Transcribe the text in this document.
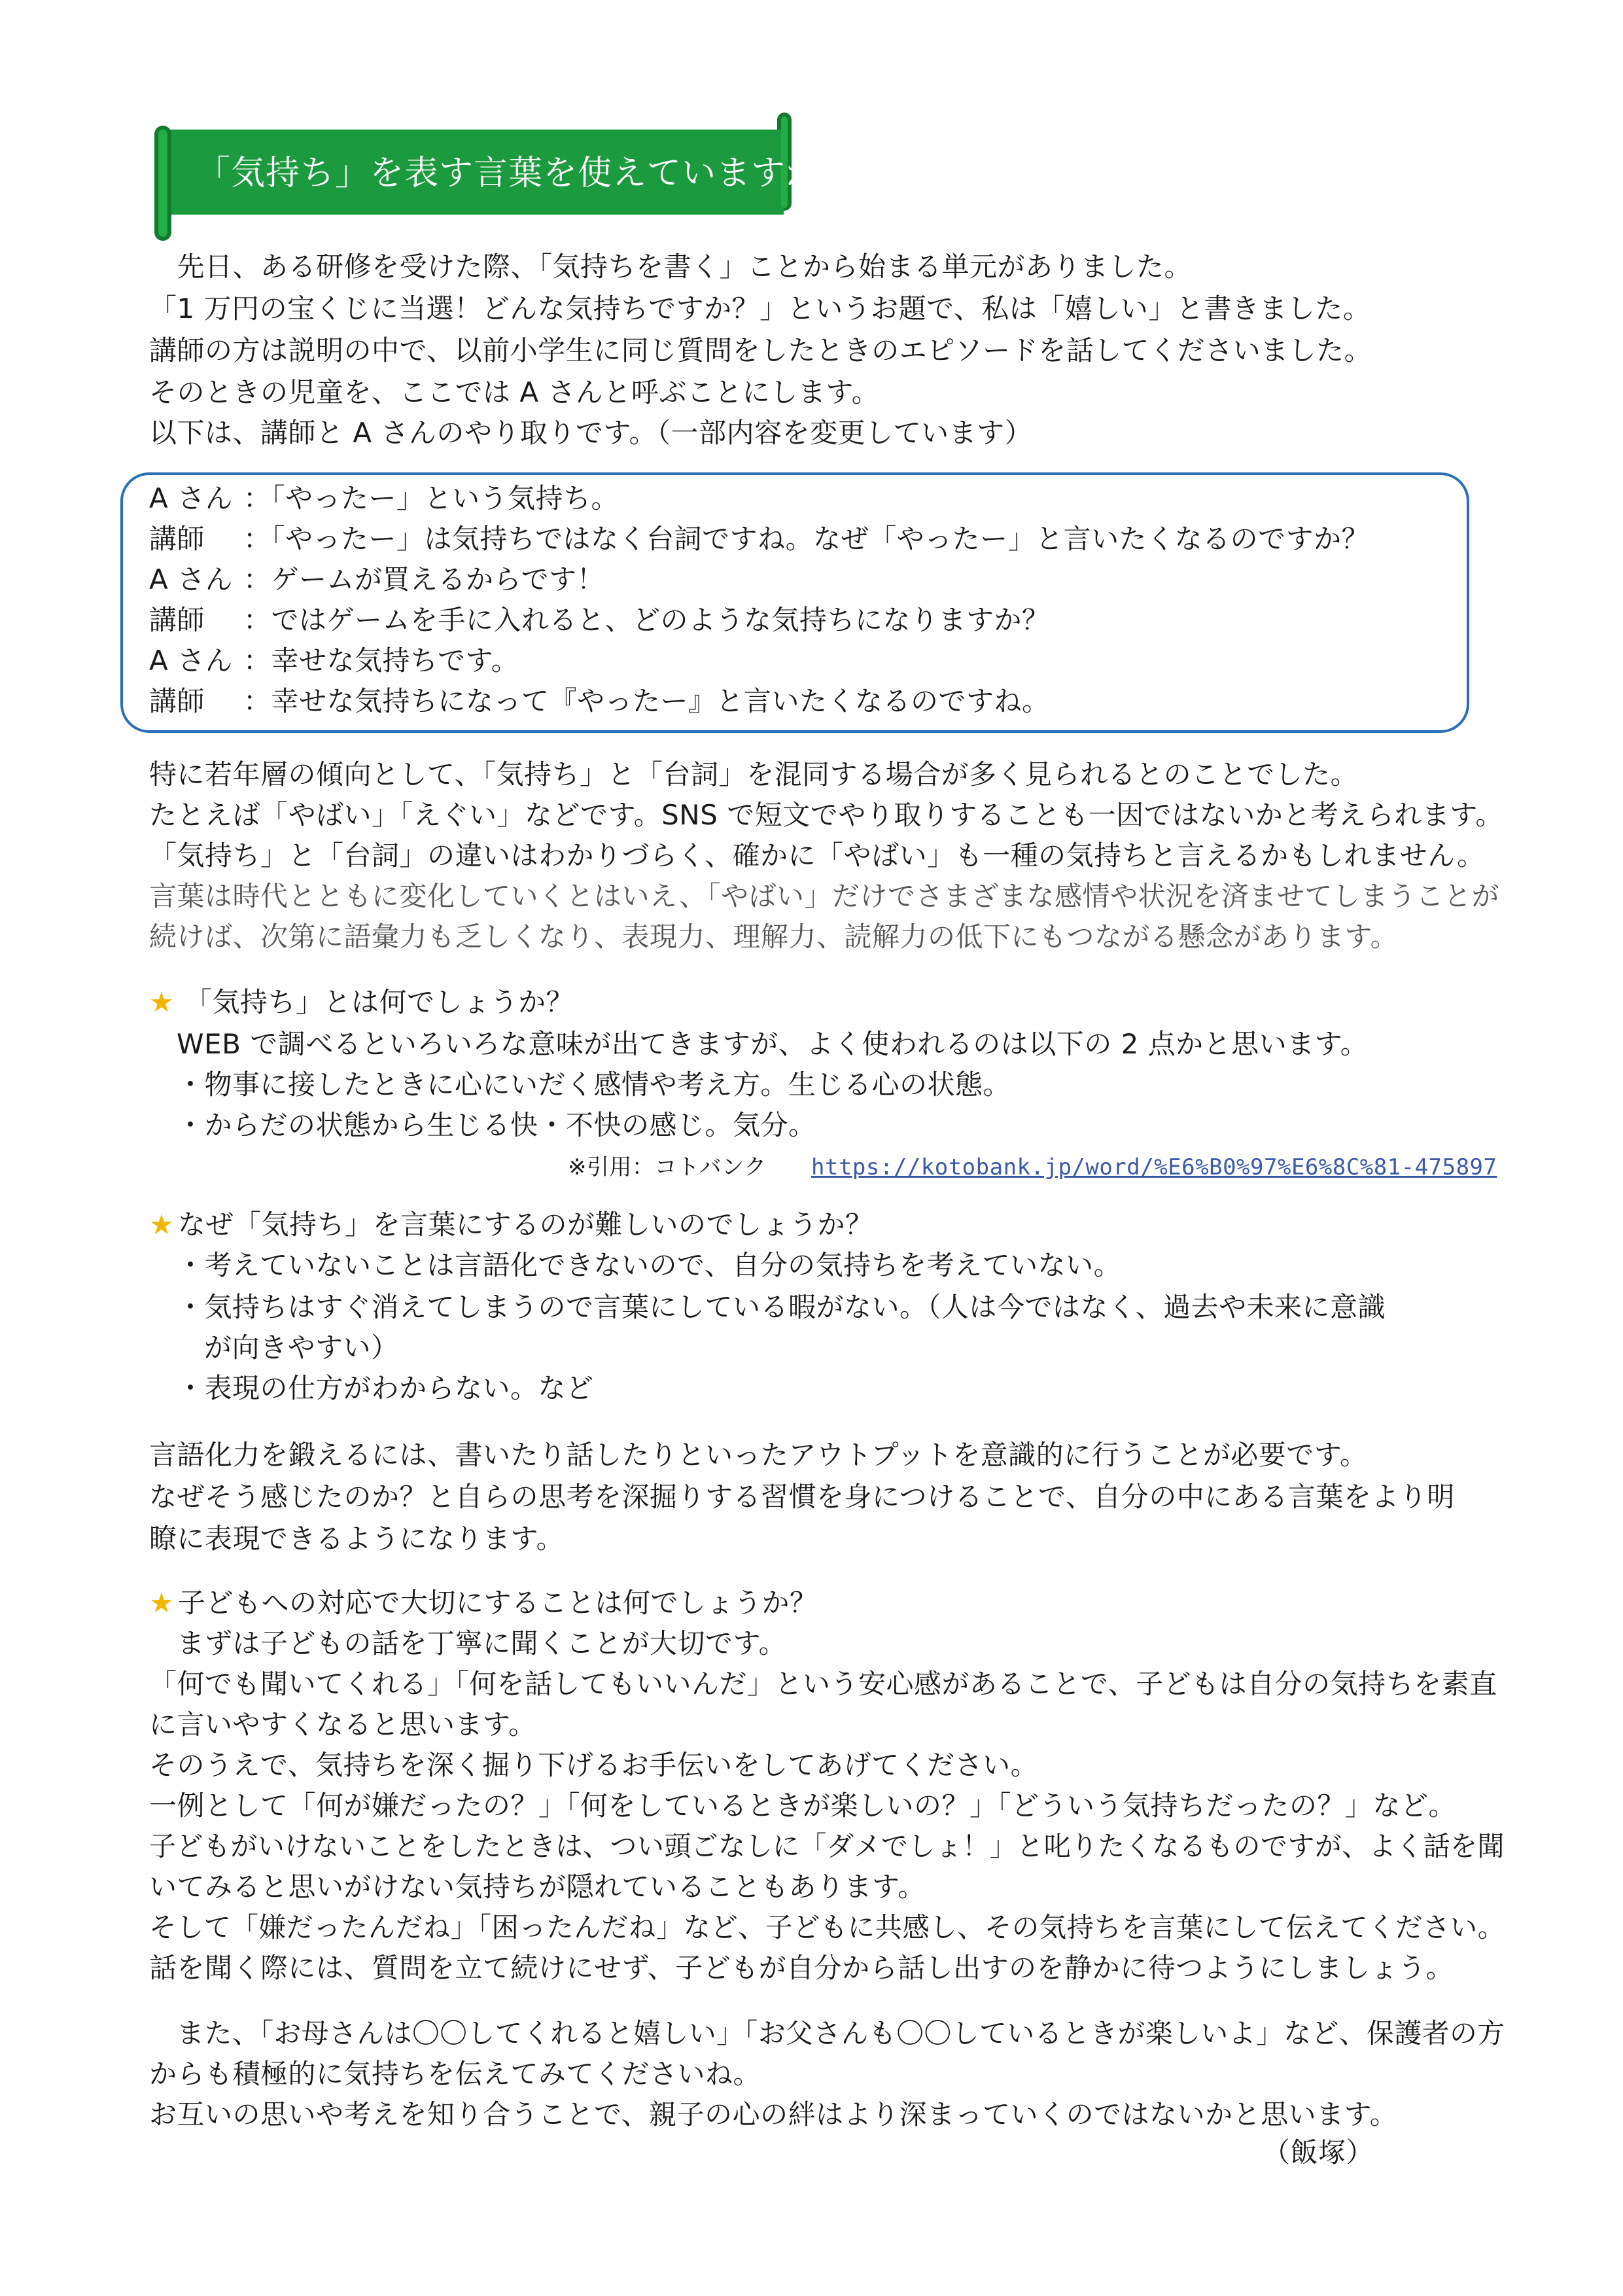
「気持ち」を表す言葉を使えていますか
　先日、ある研修を受けた際、「気持ちを書く」ことから始まる単元がありました。
「1 万円の宝くじに当選！どんな気持ちですか？」というお題で、私は「嬉しい」と書きました。
講師の方は説明の中で、以前小学生に同じ質問をしたときのエピソードを話してくださいました。
そのときの児童を、ここでは A さんと呼ぶことにします。
以下は、講師と A さんのやり取りです。（一部内容を変更しています）
A さん ：「やったー」という気持ち。
講師 ：「やったー」は気持ちではなく台詞ですね。なぜ「やったー」と言いたくなるのですか？
A さん ：ゲームが買えるからです！
講師 ：ではゲームを手に入れると、どのような気持ちになりますか？
A さん ：幸せな気持ちです。
講師 ：幸せな気持ちになって『やったー』と言いたくなるのですね。
特に若年層の傾向として、「気持ち」と「台詞」を混同する場合が多く見られるとのことでした。
たとえば「やばい」「えぐい」などです。SNS で短文でやり取りすることも一因ではないかと考えられます。
「気持ち」と「台詞」の違いはわかりづらく、確かに「やばい」も一種の気持ちと言えるかもしれません。
言葉は時代とともに変化していくとはいえ、「やばい」だけでさまざまな感情や状況を済ませてしまうことが
続けば、次第に語彙力も乏しくなり、表現力、理解力、読解力の低下にもつながる懸念があります。
★ 「気持ち」とは何でしょうか？
WEB で調べるといろいろな意味が出てきますが、よく使われるのは以下の 2 点かと思います。
・物事に接したときに心にいだく感情や考え方。生じる心の状態。
・からだの状態から生じる快・不快の感じ。気分。
※引用：コトバンク https://kotobank.jp/word/%E6%B0%97%E6%8C%81-475897
★ なぜ「気持ち」を言葉にするのが難しいのでしょうか？
・考えていないことは言語化できないので、自分の気持ちを考えていない。
・気持ちはすぐ消えてしまうので言葉にしている暇がない。（人は今ではなく、過去や未来に意識
が向きやすい）
・表現の仕方がわからない。など
言語化力を鍛えるには、書いたり話したりといったアウトプットを意識的に行うことが必要です。
なぜそう感じたのか？と自らの思考を深掘りする習慣を身につけることで、自分の中にある言葉をより明
瞭に表現できるようになります。
★ 子どもへの対応で大切にすることは何でしょうか？
　まずは子どもの話を丁寧に聞くことが大切です。
「何でも聞いてくれる」「何を話してもいいんだ」という安心感があることで、子どもは自分の気持ちを素直
に言いやすくなると思います。
そのうえで、気持ちを深く掘り下げるお手伝いをしてあげてください。
一例として「何が嫌だったの？」「何をしているときが楽しいの？」「どういう気持ちだったの？」など。
子どもがいけないことをしたときは、つい頭ごなしに「ダメでしょ！」と叱りたくなるものですが、よく話を聞
いてみると思いがけない気持ちが隠れていることもあります。
そして「嫌だったんだね」「困ったんだね」など、子どもに共感し、その気持ちを言葉にして伝えてください。
話を聞く際には、質問を立て続けにせず、子どもが自分から話し出すのを静かに待つようにしましょう。
　また、「お母さんは〇〇してくれると嬉しい」「お父さんも〇〇しているときが楽しいよ」など、保護者の方
からも積極的に気持ちを伝えてみてくださいね。
お互いの思いや考えを知り合うことで、親子の心の絆はより深まっていくのではないかと思います。
（飯塚）
